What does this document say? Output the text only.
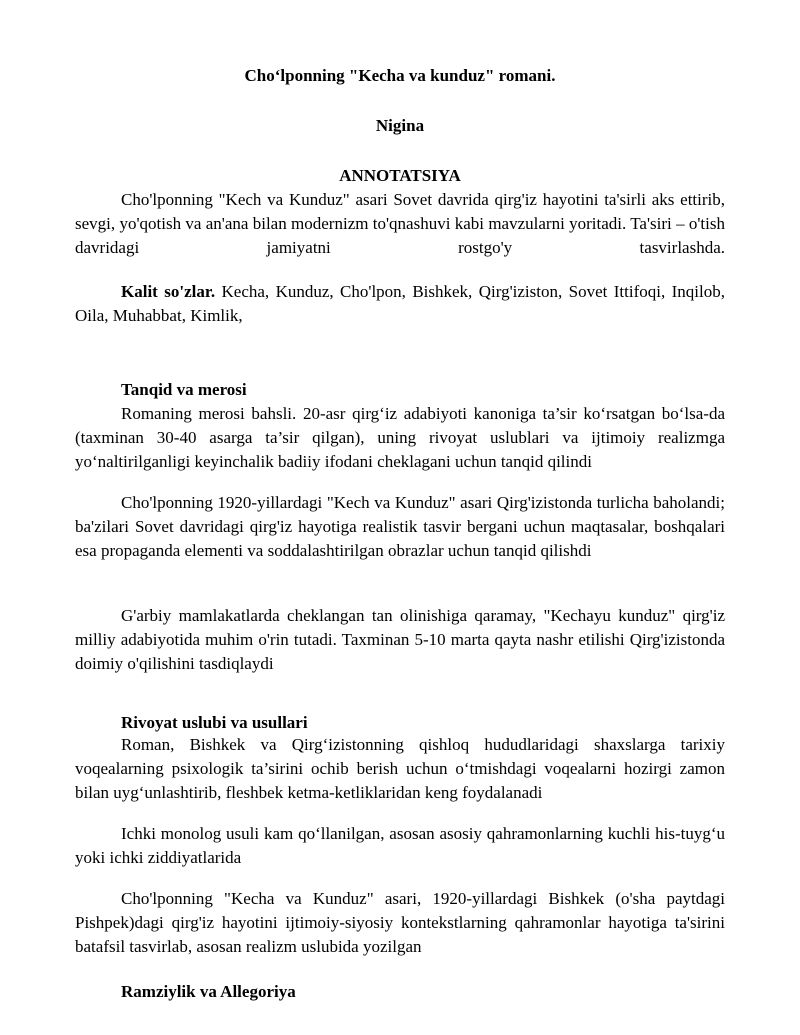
Cho‘lponning "Kecha va kunduz" romani.
Nigina
ANNOTATSIYA
Cho'lponning "Kech va Kunduz" asari Sovet davrida qirg'iz hayotini ta'sirli aks ettirib, sevgi, yo'qotish va an'ana bilan modernizm to'qnashuvi kabi mavzularni yoritadi. Ta'siri – o'tish davridagi jamiyatni rostgo'y tasvirlashda.
Kalit so'zlar. Kecha, Kunduz, Cho'lpon, Bishkek, Qirg'iziston, Sovet Ittifoqi, Inqilob, Oila, Muhabbat, Kimlik,
Tanqid va merosi
Romaning merosi bahsli. 20-asr qirg‘iz adabiyoti kanoniga ta’sir ko‘rsatgan bo‘lsa-da (taxminan 30-40 asarga ta’sir qilgan), uning rivoyat uslublari va ijtimoiy realizmga yo‘naltirilganligi keyinchalik badiiy ifodani cheklagani uchun tanqid qilindi
Cho'lponning 1920-yillardagi "Kech va Kunduz" asari Qirg'izistonda turlicha baholandi; ba'zilari Sovet davridagi qirg'iz hayotiga realistik tasvir bergani uchun maqtasalar, boshqalari esa propaganda elementi va soddalashtirilgan obrazlar uchun tanqid qilishdi
G'arbiy mamlakatlarda cheklangan tan olinishiga qaramay, "Kechayu kunduz" qirg'iz milliy adabiyotida muhim o'rin tutadi. Taxminan 5-10 marta qayta nashr etilishi Qirg'izistonda doimiy o'qilishini tasdiqlaydi
Rivoyat uslubi va usullari
Roman, Bishkek va Qirg‘izistonning qishloq hududlaridagi shaxslarga tarixiy voqealarning psixologik ta’sirini ochib berish uchun o‘tmishdagi voqealarni hozirgi zamon bilan uyg‘unlashtirib, fleshbek ketma-ketliklaridan keng foydalanadi
Ichki monolog usuli kam qo‘llanilgan, asosan asosiy qahramonlarning kuchli his-tuyg‘u yoki ichki ziddiyatlarida
Cho'lponning "Kecha va Kunduz" asari, 1920-yillardagi Bishkek (o'sha paytdagi Pishpek)dagi qirg'iz hayotini ijtimoiy-siyosiy kontekstlarning qahramonlar hayotiga ta'sirini batafsil tasvirlab, asosan realizm uslubida yozilgan
Ramziylik va Allegoriya
